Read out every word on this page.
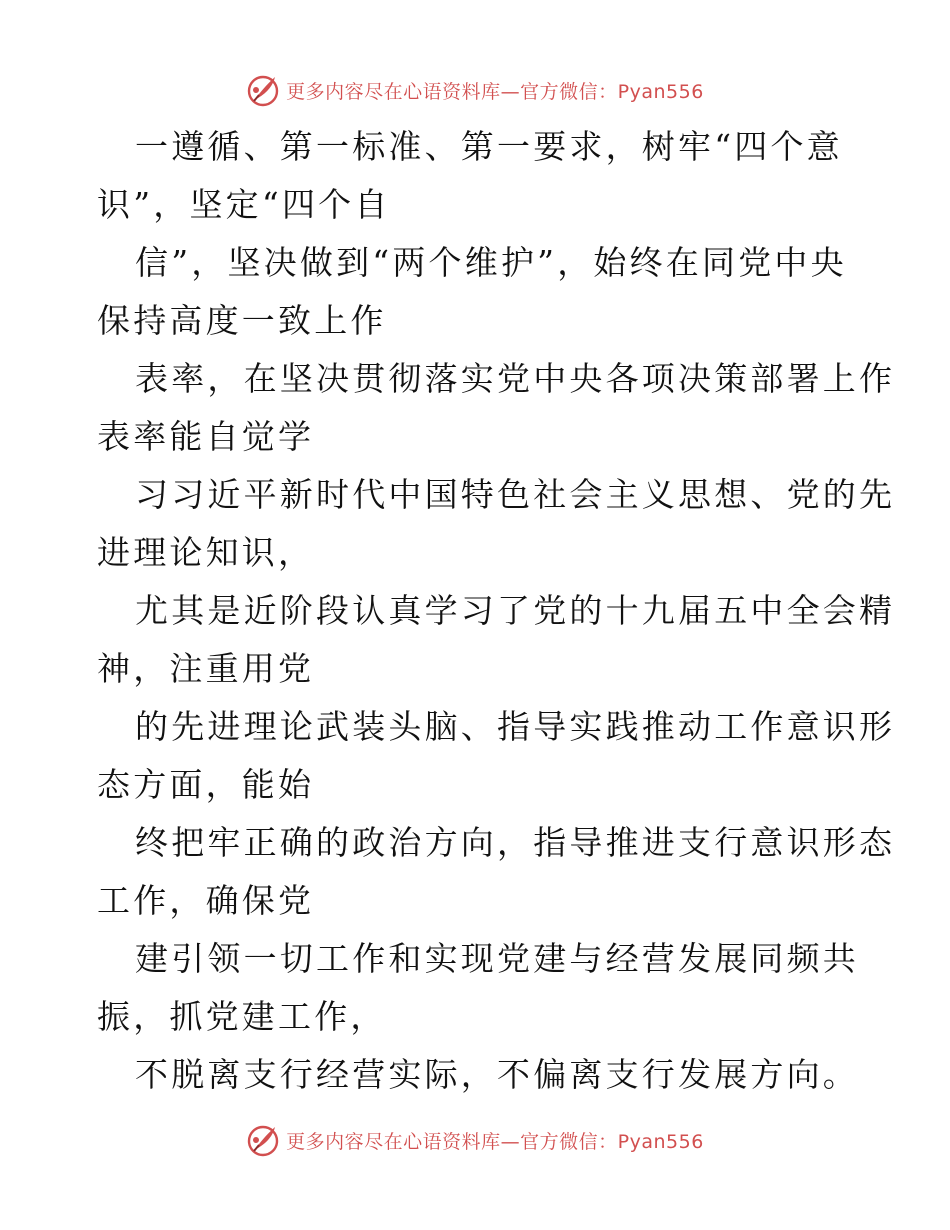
更多内容尽在心语资料库—官方微信：Pyan556
一遵循、第一标准、第一要求，树牢“四个意
识”，坚定“四个自
信”，坚决做到“两个维护”，始终在同党中央
保持高度一致上作
表率，在坚决贯彻落实党中央各项决策部署上作
表率能自觉学
习习近平新时代中国特色社会主义思想、党的先
进理论知识，
尤其是近阶段认真学习了党的十九届五中全会精
神，注重用党
的先进理论武装头脑、指导实践推动工作意识形
态方面，能始
终把牢正确的政治方向，指导推进支行意识形态
工作，确保党
建引领一切工作和实现党建与经营发展同频共
振，抓党建工作，
不脱离支行经营实际，不偏离支行发展方向。
更多内容尽在心语资料库—官方微信：Pyan556
